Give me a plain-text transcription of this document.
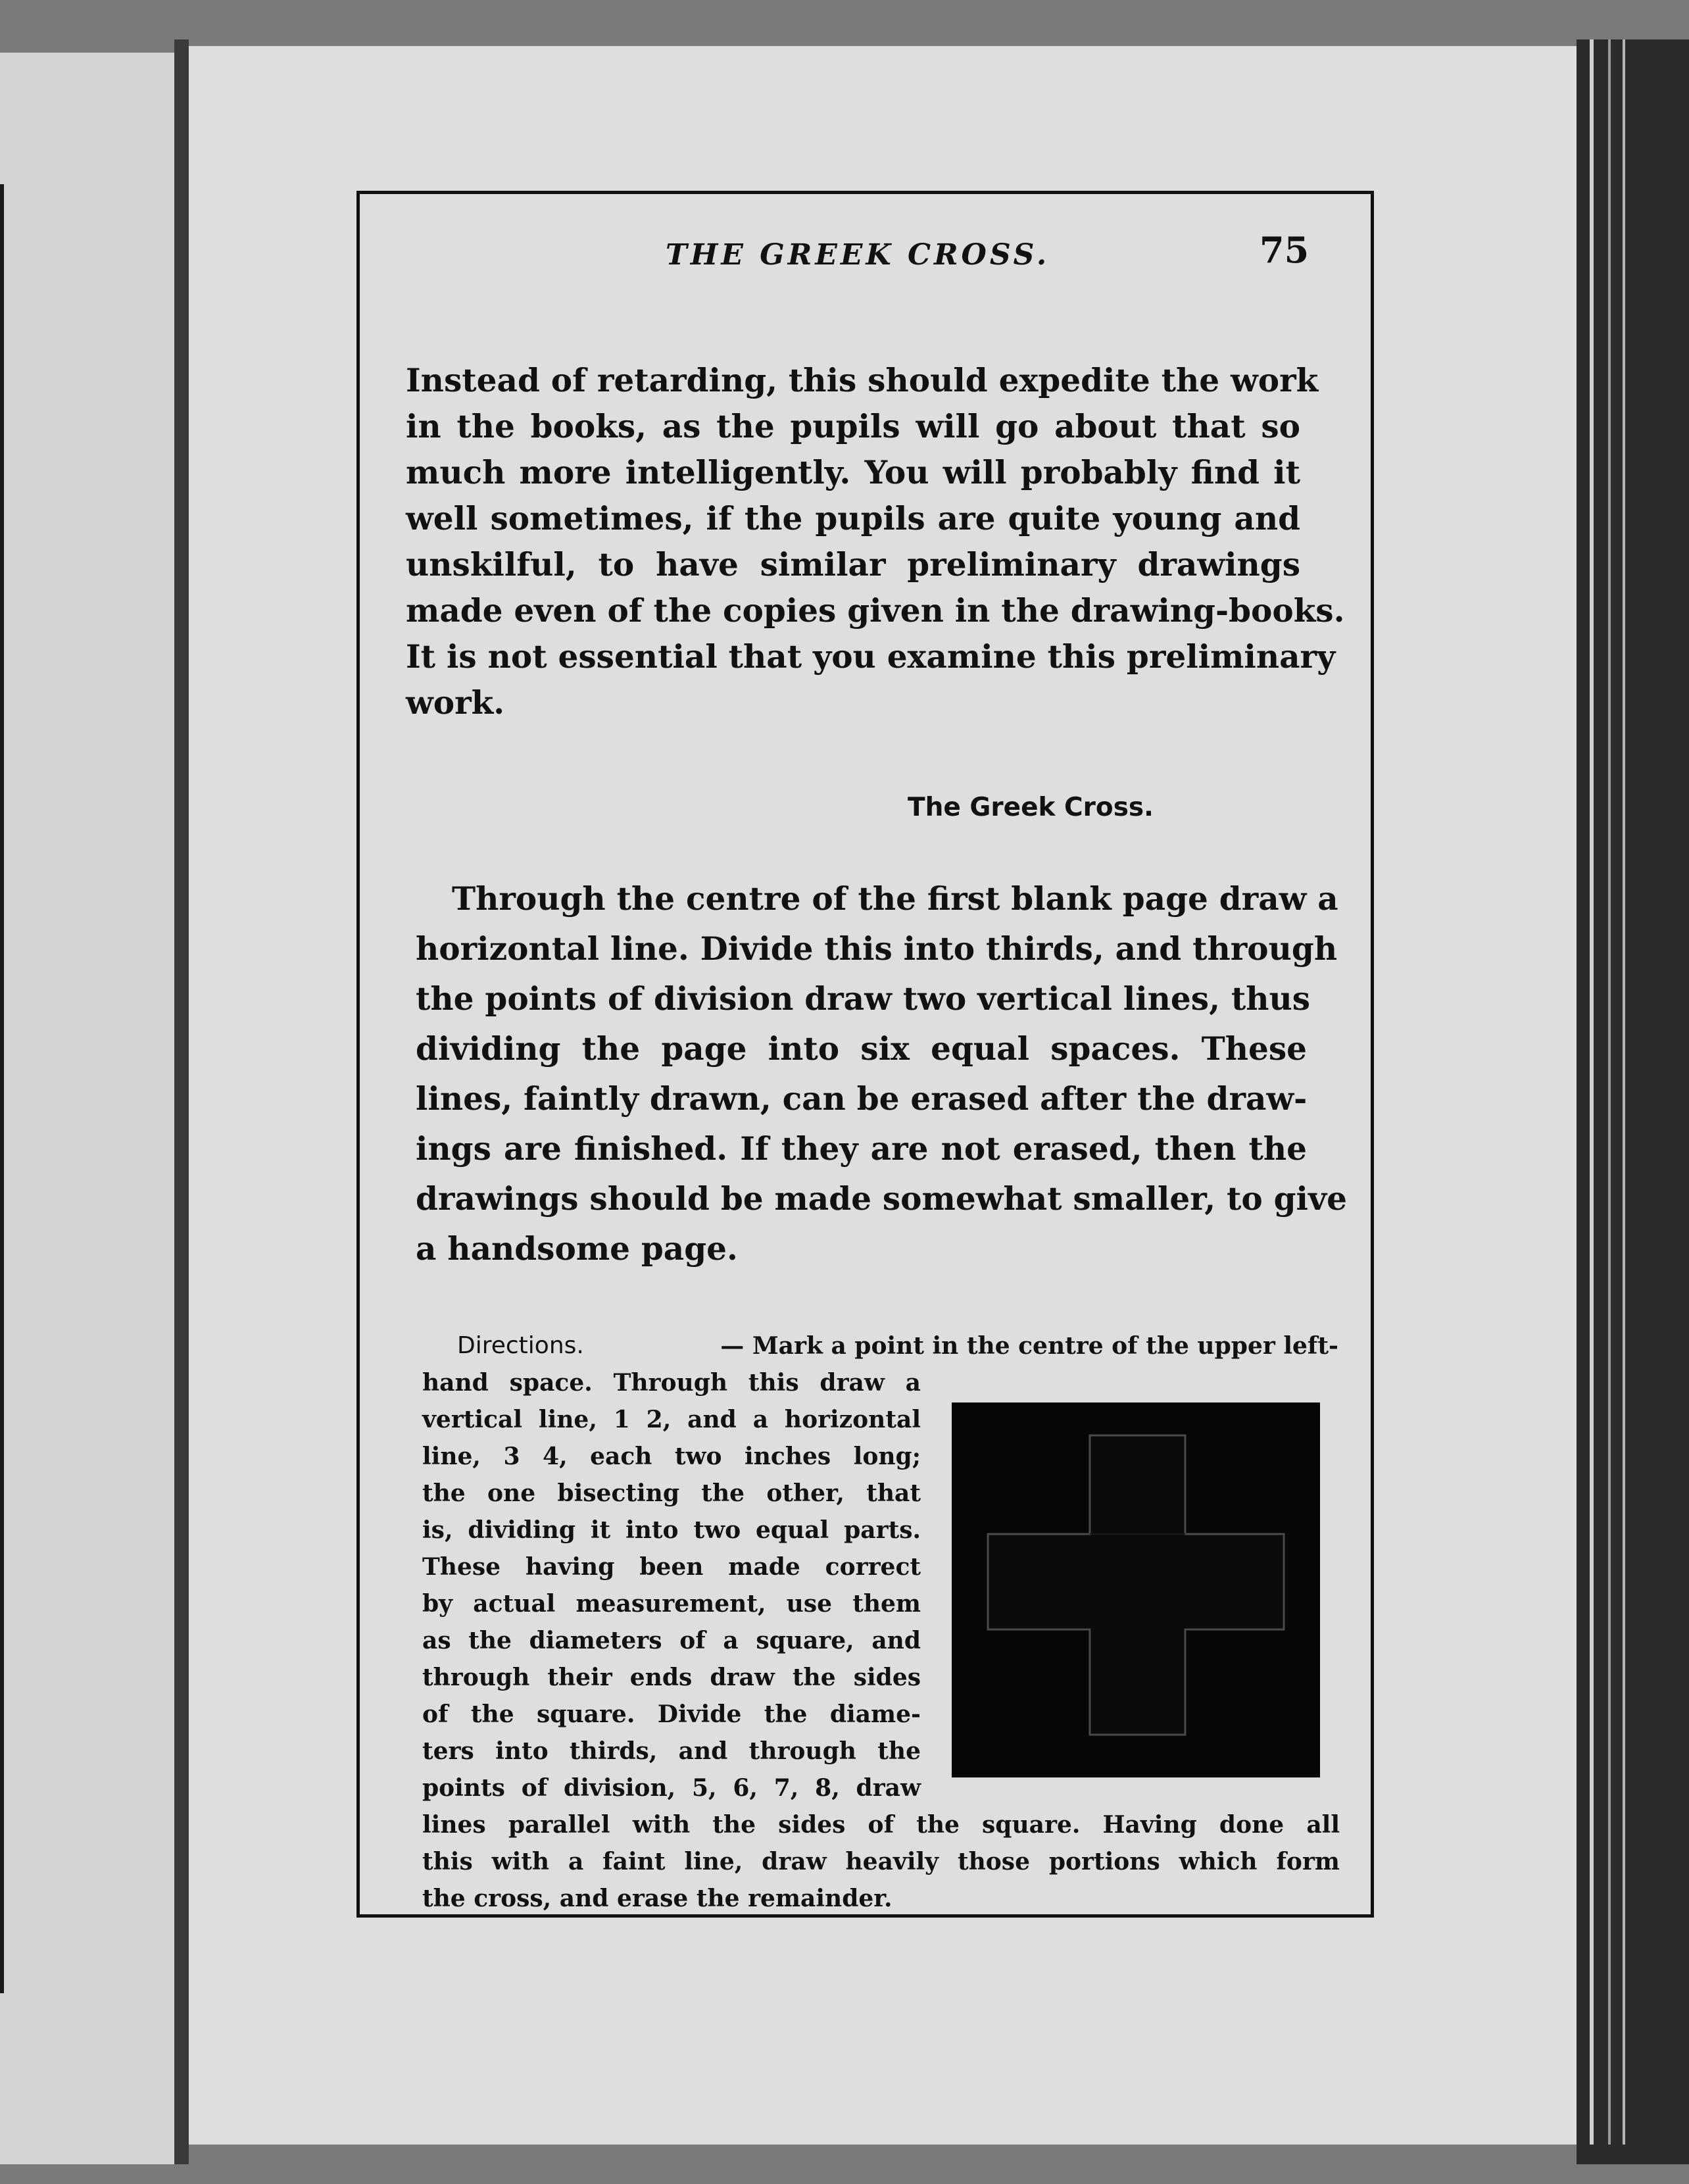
THE GREEK CROSS.	75
Instead of retarding, this should expedite the work
in the books, as the pupils will go about that so
much more intelligently. You will probably find it
well sometimes, if the pupils are quite young and
unskilful, to have similar preliminary drawings
made even of the copies given in the drawing-books.
It is not essential that you examine this preliminary
work.
The Greek Cross.
Through the centre of the first blank page draw a
horizontal line. Divide this into thirds, and through
the points of division draw two vertical lines, thus
dividing the page into six equal spaces. These
lines, faintly drawn, can be erased after the draw-
ings are finished. If they are not erased, then the
drawings should be made somewhat smaller, to give
a handsome page.
Directions.	— Mark a point in the centre of the upper left-
hand space. Through this draw a
vertical line, 1 2, and a horizontal
line, 3 4, each two inches long;
the one bisecting the other, that
is, dividing it into two equal parts.
These having been made correct
by actual measurement, use them
as the diameters of a square, and
through their ends draw the sides
of the square. Divide the diame-
ters into thirds, and through the
points of division, 5, 6, 7, 8, draw
lines parallel with the sides of the square. Having done all
this with a faint line, draw heavily those portions which form
the cross, and erase the remainder.
